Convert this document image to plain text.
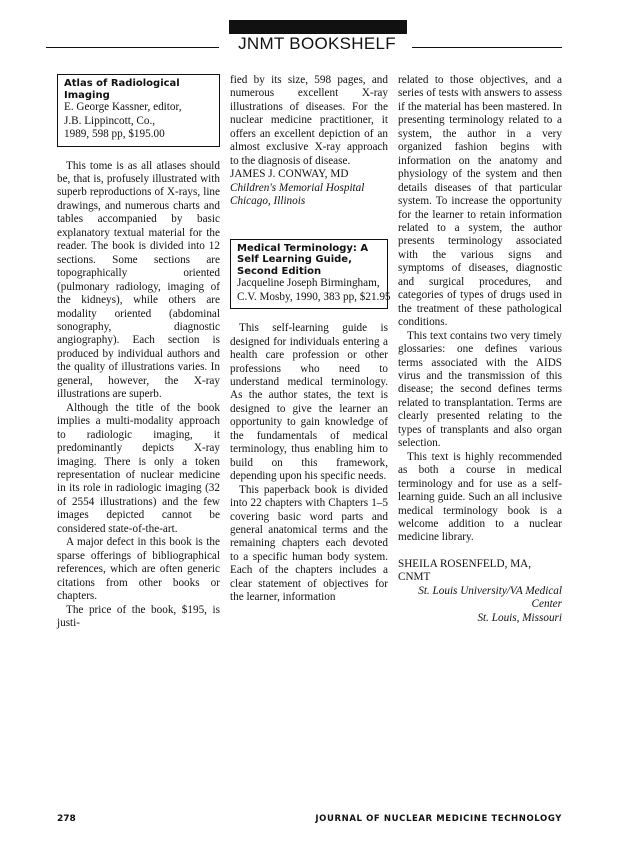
JNMT BOOKSHELF
Atlas of Radiological Imaging
E. George Kassner, editor,
J.B. Lippincott, Co.,
1989, 598 pp, $195.00

This tome is as all atlases should be, that is, profusely illustrated with superb reproductions of X-rays, line drawings, and numerous charts and tables accompanied by basic explanatory textual material for the reader. The book is divided into 12 sections. Some sections are topographically oriented (pulmonary radiology, imaging of the kidneys), while others are modality oriented (abdominal sonography, diagnostic angiography). Each section is produced by individual authors and the quality of illustrations varies. In general, however, the X-ray illustrations are superb.

Although the title of the book implies a multi-modality approach to radiologic imaging, it predominantly depicts X-ray imaging. There is only a token representation of nuclear medicine in its role in radiologic imaging (32 of 2554 illustrations) and the few images depicted cannot be considered state-of-the-art.

A major defect in this book is the sparse offerings of bibliographical references, which are often generic citations from other books or chapters.

The price of the book, $195, is justi-

fied by its size, 598 pages, and numerous excellent X-ray illustrations of diseases. For the nuclear medicine practitioner, it offers an excellent depiction of an almost exclusive X-ray approach to the diagnosis of disease.

JAMES J. CONWAY, MD
Children's Memorial Hospital
Chicago, Illinois
Medical Terminology: A Self Learning Guide, Second Edition
Jacqueline Joseph Birmingham,
C.V. Mosby, 1990, 383 pp, $21.95

This self-learning guide is designed for individuals entering a health care profession or other professions who need to understand medical terminology. As the author states, the text is designed to give the learner an opportunity to gain knowledge of the fundamentals of medical terminology, thus enabling him to build on this framework, depending upon his specific needs.

This paperback book is divided into 22 chapters with Chapters 1–5 covering basic word parts and general anatomical terms and the remaining chapters each devoted to a specific human body system. Each of the chapters includes a clear statement of objectives for the learner, information

related to those objectives, and a series of tests with answers to assess if the material has been mastered. In presenting terminology related to a system, the author in a very organized fashion begins with information on the anatomy and physiology of the system and then details diseases of that particular system. To increase the opportunity for the learner to retain information related to a system, the author presents terminology associated with the various signs and symptoms of diseases, diagnostic and surgical procedures, and categories of types of drugs used in the treatment of these pathological conditions.

This text contains two very timely glossaries: one defines various terms associated with the AIDS virus and the transmission of this disease; the second defines terms related to transplantation. Terms are clearly presented relating to the types of transplants and also organ selection.

This text is highly recommended as both a course in medical terminology and for use as a self-learning guide. Such an all inclusive medical terminology book is a welcome addition to a nuclear medicine library.

SHEILA ROSENFELD, MA, CNMT
St. Louis University/VA Medical
Center
St. Louis, Missouri
278	JOURNAL OF NUCLEAR MEDICINE TECHNOLOGY
